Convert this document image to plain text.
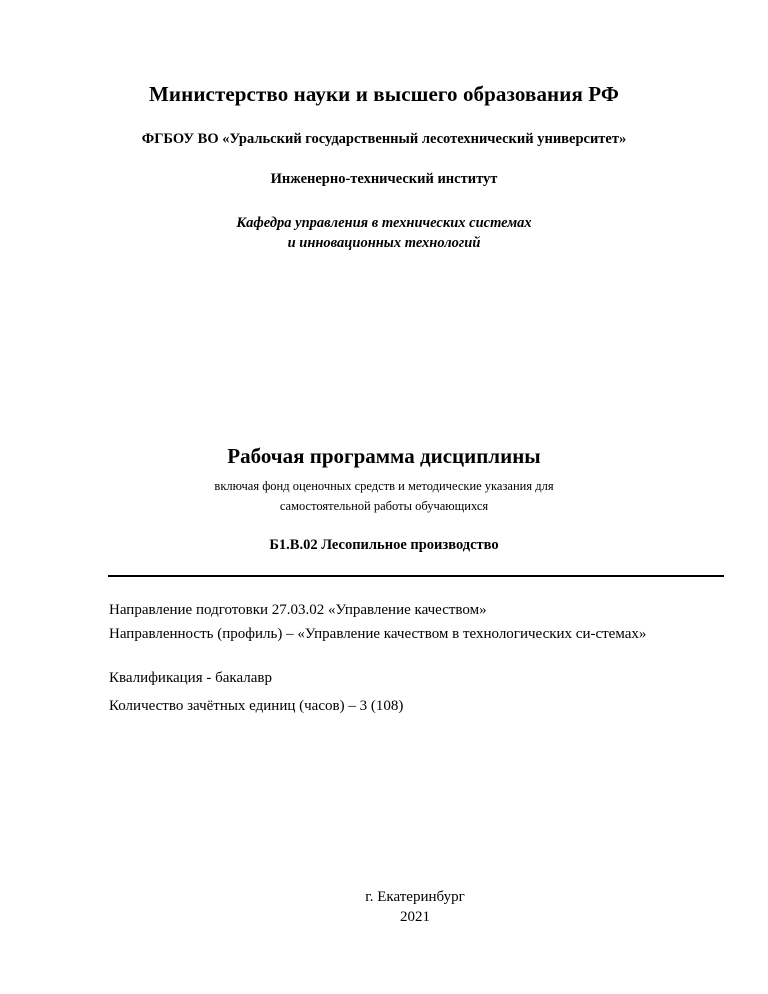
Министерство науки и высшего образования РФ
ФГБОУ ВО «Уральский государственный лесотехнический университет»
Инженерно-технический институт
Кафедра управления в технических системах
и инновационных технологий
Рабочая программа дисциплины
включая фонд оценочных средств и методические указания для
самостоятельной работы обучающихся
Б1.В.02 Лесопильное производство
Направление подготовки 27.03.02 «Управление качеством»
Направленность (профиль) – «Управление качеством в технологических си-стемах»
Квалификация - бакалавр
Количество зачётных единиц (часов) – 3 (108)
г. Екатеринбург
2021
